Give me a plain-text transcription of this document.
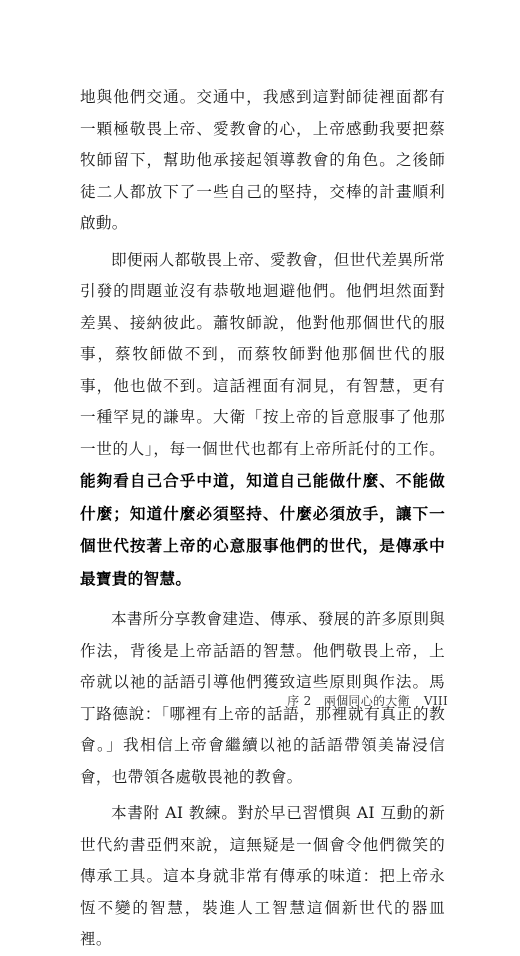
地與他們交通。交通中，我感到這對師徒裡面都有一顆極敬畏上帝、愛教會的心，上帝感動我要把蔡牧師留下，幫助他承接起領導教會的角色。之後師徒二人都放下了一些自己的堅持，交棒的計畫順利啟動。

即便兩人都敬畏上帝、愛教會，但世代差異所常引發的問題並沒有恭敬地迴避他們。他們坦然面對差異、接納彼此。蕭牧師說，他對他那個世代的服事，蔡牧師做不到，而蔡牧師對他那個世代的服事，他也做不到。這話裡面有洞見，有智慧，更有一種罕見的謙卑。大衛「按上帝的旨意服事了他那一世的人」，每一個世代也都有上帝所託付的工作。能夠看自己合乎中道，知道自己能做什麼、不能做什麼；知道什麼必須堅持、什麼必須放手，讓下一個世代按著上帝的心意服事他們的世代，是傳承中最寶貴的智慧。

本書所分享教會建造、傳承、發展的許多原則與作法，背後是上帝話語的智慧。他們敬畏上帝，上帝就以祂的話語引導他們獲致這些原則與作法。馬丁路德說：「哪裡有上帝的話語，那裡就有真正的教會。」我相信上帝會繼續以祂的話語帶領美崙浸信會，也帶領各處敬畏祂的教會。

本書附 AI 教練。對於早已習慣與 AI 互動的新世代約書亞們來說，這無疑是一個會令他們微笑的傳承工具。這本身就非常有傳承的味道：把上帝永恆不變的智慧，裝進人工智慧這個新世代的器皿裡。

序 2　兩個同心的大衛 VIII
